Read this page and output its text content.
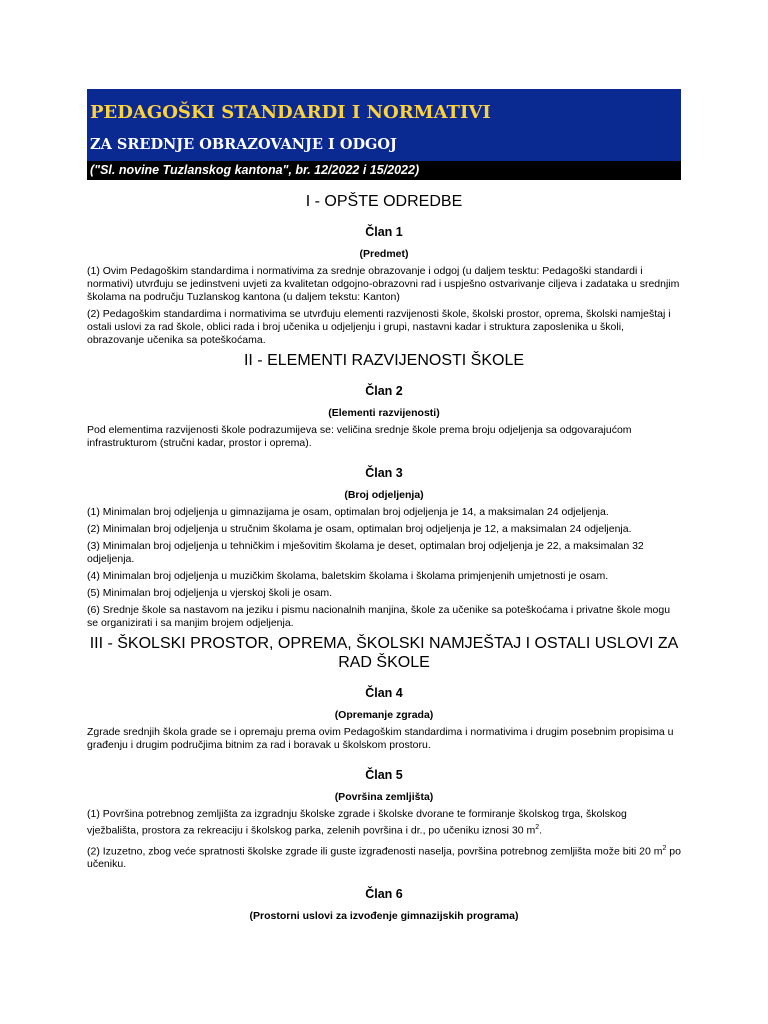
PEDAGOŠKI STANDARDI I NORMATIVI
ZA SREDNJE OBRAZOVANJE I ODGOJ
("Sl. novine Tuzlanskog kantona", br. 12/2022 i 15/2022)
I - OPŠTE ODREDBE
Član 1
(Predmet)
(1) Ovim Pedagoškim standardima i normativima za srednje obrazovanje i odgoj (u daljem tesktu: Pedagoški standardi i normativi) utvrđuju se jedinstveni uvjeti za kvalitetan odgojno-obrazovni rad i uspješno ostvarivanje ciljeva i zadataka u srednjim školama na području Tuzlanskog kantona (u daljem tekstu: Kanton)
(2) Pedagoškim standardima i normativima se utvrđuju elementi razvijenosti škole, školski prostor, oprema, školski namještaj i ostali uslovi za rad škole, oblici rada i broj učenika u odjeljenju i grupi, nastavni kadar i struktura zaposlenika u školi, obrazovanje učenika sa poteškoćama.
II - ELEMENTI RAZVIJENOSTI ŠKOLE
Član 2
(Elementi razvijenosti)
Pod elementima razvijenosti škole podrazumijeva se: veličina srednje škole prema broju odjeljenja sa odgovarajućom infrastrukturom (stručni kadar, prostor i oprema).
Član 3
(Broj odjeljenja)
(1) Minimalan broj odjeljenja u gimnazijama je osam, optimalan broj odjeljenja je 14, a maksimalan 24 odjeljenja.
(2) Minimalan broj odjeljenja u stručnim školama je osam, optimalan broj odjeljenja je 12, a maksimalan 24 odjeljenja.
(3) Minimalan broj odjeljenja u tehničkim i mješovitim školama je deset, optimalan broj odjeljenja je 22, a maksimalan 32 odjeljenja.
(4) Minimalan broj odjeljenja u muzičkim školama, baletskim školama i školama primjenjenih umjetnosti je osam.
(5) Minimalan broj odjeljenja u vjerskoj školi je osam.
(6) Srednje škole sa nastavom na jeziku i pismu nacionalnih manjina, škole za učenike sa poteškoćama i privatne škole mogu se organizirati i sa manjim brojem odjeljenja.
III - ŠKOLSKI PROSTOR, OPREMA, ŠKOLSKI NAMJEŠTAJ I OSTALI USLOVI ZA RAD ŠKOLE
Član 4
(Opremanje zgrada)
Zgrade srednjih škola grade se i opremaju prema ovim Pedagoškim standardima i normativima i drugim posebnim propisima u građenju i drugim područjima bitnim za rad i boravak u školskom prostoru.
Član 5
(Površina zemljišta)
(1) Površina potrebnog zemljišta za izgradnju školske zgrade i školske dvorane te formiranje školskog trga, školskog vježbališta, prostora za rekreaciju i školskog parka, zelenih površina i dr., po učeniku iznosi 30 $m^2$.
(2) Izuzetno, zbog veće spratnosti školske zgrade ili guste izgrađenosti naselja, površina potrebnog zemljišta može biti 20 $m^2$ po učeniku.
Član 6
(Prostorni uslovi za izvođenje gimnazijskih programa)
